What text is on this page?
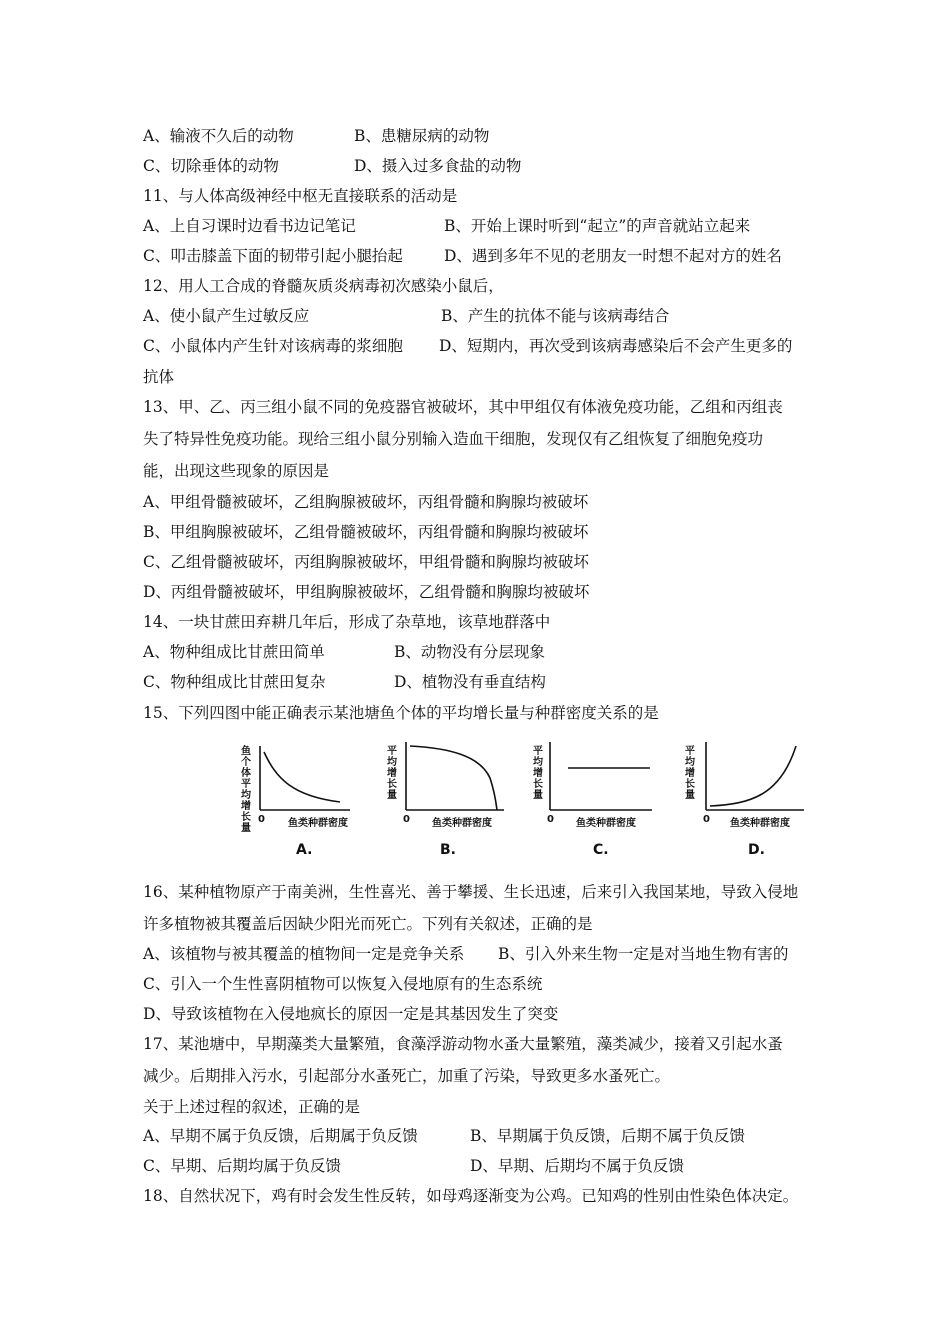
A、输液不久后的动物	B、患糖尿病的动物
C、切除垂体的动物	D、摄入过多食盐的动物
11、与人体高级神经中枢无直接联系的活动是
A、上自习课时边看书边记笔记	B、开始上课时听到“起立”的声音就站立起来
C、叩击膝盖下面的韧带引起小腿抬起	D、遇到多年不见的老朋友一时想不起对方的姓名
12、用人工合成的脊髓灰质炎病毒初次感染小鼠后，
A、使小鼠产生过敏反应	B、产生的抗体不能与该病毒结合
C、小鼠体内产生针对该病毒的浆细胞 D、短期内，再次受到该病毒感染后不会产生更多的
抗体
13、甲、乙、丙三组小鼠不同的免疫器官被破坏，其中甲组仅有体液免疫功能，乙组和丙组丧
失了特异性免疫功能。现给三组小鼠分别输入造血干细胞，发现仅有乙组恢复了细胞免疫功
能，出现这些现象的原因是
A、甲组骨髓被破坏，乙组胸腺被破坏，丙组骨髓和胸腺均被破坏
B、甲组胸腺被破坏，乙组骨髓被破坏，丙组骨髓和胸腺均被破坏
C、乙组骨髓被破坏，丙组胸腺被破坏，甲组骨髓和胸腺均被破坏
D、丙组骨髓被破坏，甲组胸腺被破坏，乙组骨髓和胸腺均被破坏
14、一块甘蔗田弃耕几年后，形成了杂草地，该草地群落中
A、物种组成比甘蔗田简单	B、动物没有分层现象
C、物种组成比甘蔗田复杂	D、植物没有垂直结构
15、下列四图中能正确表示某池塘鱼个体的平均增长量与种群密度关系的是
鱼个体平均增长量
0 鱼类种群密度
A.
平均增长量
0 鱼类种群密度
B.
平均增长量
0 鱼类种群密度
C.
平均增长量
0 鱼类种群密度
D.
16、某种植物原产于南美洲，生性喜光、善于攀援、生长迅速，后来引入我国某地，导致入侵地
许多植物被其覆盖后因缺少阳光而死亡。下列有关叙述，正确的是
A、该植物与被其覆盖的植物间一定是竞争关系 B、引入外来生物一定是对当地生物有害的
C、引入一个生性喜阴植物可以恢复入侵地原有的生态系统
D、导致该植物在入侵地疯长的原因一定是其基因发生了突变
17、某池塘中，早期藻类大量繁殖，食藻浮游动物水蚤大量繁殖，藻类减少，接着又引起水蚤
减少。后期排入污水，引起部分水蚤死亡，加重了污染，导致更多水蚤死亡。
关于上述过程的叙述，正确的是
A、早期不属于负反馈，后期属于负反馈	B、早期属于负反馈，后期不属于负反馈
C、早期、后期均属于负反馈	D、早期、后期均不属于负反馈
18、自然状况下，鸡有时会发生性反转，如母鸡逐渐变为公鸡。已知鸡的性别由性染色体决定。
